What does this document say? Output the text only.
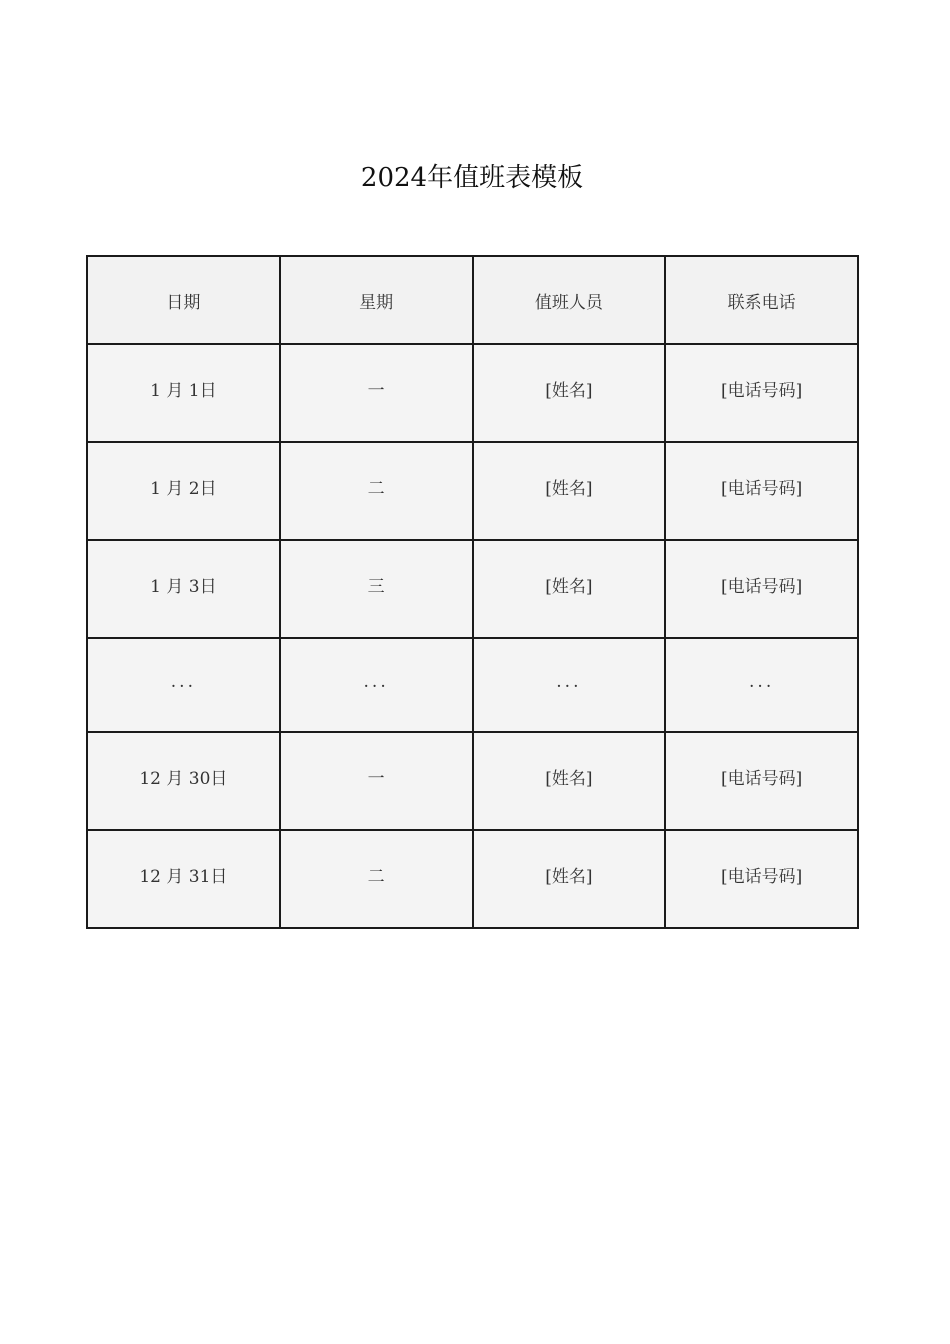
2024年值班表模板
日期	星期	值班人员	联系电话
1 月 1日	一	[姓名]	[电话号码]
1 月 2日	二	[姓名]	[电话号码]
1 月 3日	三	[姓名]	[电话号码]
...	...	...	...
12 月 30日	一	[姓名]	[电话号码]
12 月 31日	二	[姓名]	[电话号码]
